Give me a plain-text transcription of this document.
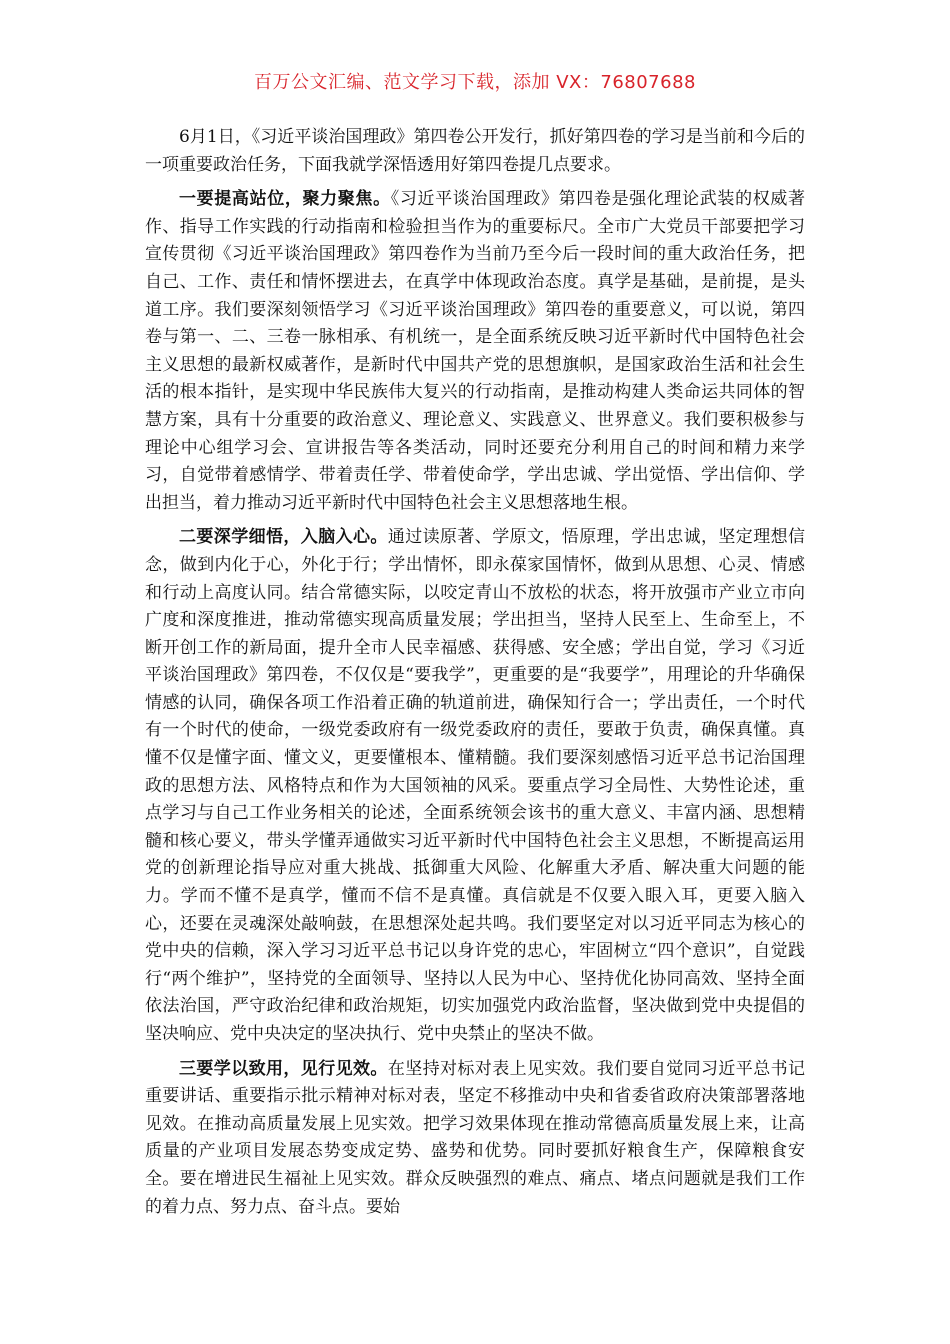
百万公文汇编、范文学习下载，添加 VX：76807688

6月1日，《习近平谈治国理政》第四卷公开发行，抓好第四卷的学习是当前和今后的一项重要政治任务，下面我就学深悟透用好第四卷提几点要求。

一要提高站位，聚力聚焦。《习近平谈治国理政》第四卷是强化理论武装的权威著作、指导工作实践的行动指南和检验担当作为的重要标尺。全市广大党员干部要把学习宣传贯彻《习近平谈治国理政》第四卷作为当前乃至今后一段时间的重大政治任务，把自己、工作、责任和情怀摆进去，在真学中体现政治态度。真学是基础，是前提，是头道工序。我们要深刻领悟学习《习近平谈治国理政》第四卷的重要意义，可以说，第四卷与第一、二、三卷一脉相承、有机统一，是全面系统反映习近平新时代中国特色社会主义思想的最新权威著作，是新时代中国共产党的思想旗帜，是国家政治生活和社会生活的根本指针，是实现中华民族伟大复兴的行动指南，是推动构建人类命运共同体的智慧方案，具有十分重要的政治意义、理论意义、实践意义、世界意义。我们要积极参与理论中心组学习会、宣讲报告等各类活动，同时还要充分利用自己的时间和精力来学习，自觉带着感情学、带着责任学、带着使命学，学出忠诚、学出觉悟、学出信仰、学出担当，着力推动习近平新时代中国特色社会主义思想落地生根。

二要深学细悟，入脑入心。通过读原著、学原文，悟原理，学出忠诚，坚定理想信念，做到内化于心，外化于行；学出情怀，即永葆家国情怀，做到从思想、心灵、情感和行动上高度认同。结合常德实际，以咬定青山不放松的状态，将开放强市产业立市向广度和深度推进，推动常德实现高质量发展；学出担当，坚持人民至上、生命至上，不断开创工作的新局面，提升全市人民幸福感、获得感、安全感；学出自觉，学习《习近平谈治国理政》第四卷，不仅仅是“要我学”，更重要的是“我要学”，用理论的升华确保情感的认同，确保各项工作沿着正确的轨道前进，确保知行合一；学出责任，一个时代有一个时代的使命，一级党委政府有一级党委政府的责任，要敢于负责，确保真懂。真懂不仅是懂字面、懂文义，更要懂根本、懂精髓。我们要深刻感悟习近平总书记治国理政的思想方法、风格特点和作为大国领袖的风采。要重点学习全局性、大势性论述，重点学习与自己工作业务相关的论述，全面系统领会该书的重大意义、丰富内涵、思想精髓和核心要义，带头学懂弄通做实习近平新时代中国特色社会主义思想，不断提高运用党的创新理论指导应对重大挑战、抵御重大风险、化解重大矛盾、解决重大问题的能力。学而不懂不是真学，懂而不信不是真懂。真信就是不仅要入眼入耳，更要入脑入心，还要在灵魂深处敲响鼓，在思想深处起共鸣。我们要坚定对以习近平同志为核心的党中央的信赖，深入学习习近平总书记以身许党的忠心，牢固树立“四个意识”，自觉践行“两个维护”，坚持党的全面领导、坚持以人民为中心、坚持优化协同高效、坚持全面依法治国，严守政治纪律和政治规矩，切实加强党内政治监督，坚决做到党中央提倡的坚决响应、党中央决定的坚决执行、党中央禁止的坚决不做。

三要学以致用，见行见效。在坚持对标对表上见实效。我们要自觉同习近平总书记重要讲话、重要指示批示精神对标对表，坚定不移推动中央和省委省政府决策部署落地见效。在推动高质量发展上见实效。把学习效果体现在推动常德高质量发展上来，让高质量的产业项目发展态势变成定势、盛势和优势。同时要抓好粮食生产，保障粮食安全。要在增进民生福祉上见实效。群众反映强烈的难点、痛点、堵点问题就是我们工作的着力点、努力点、奋斗点。要始
